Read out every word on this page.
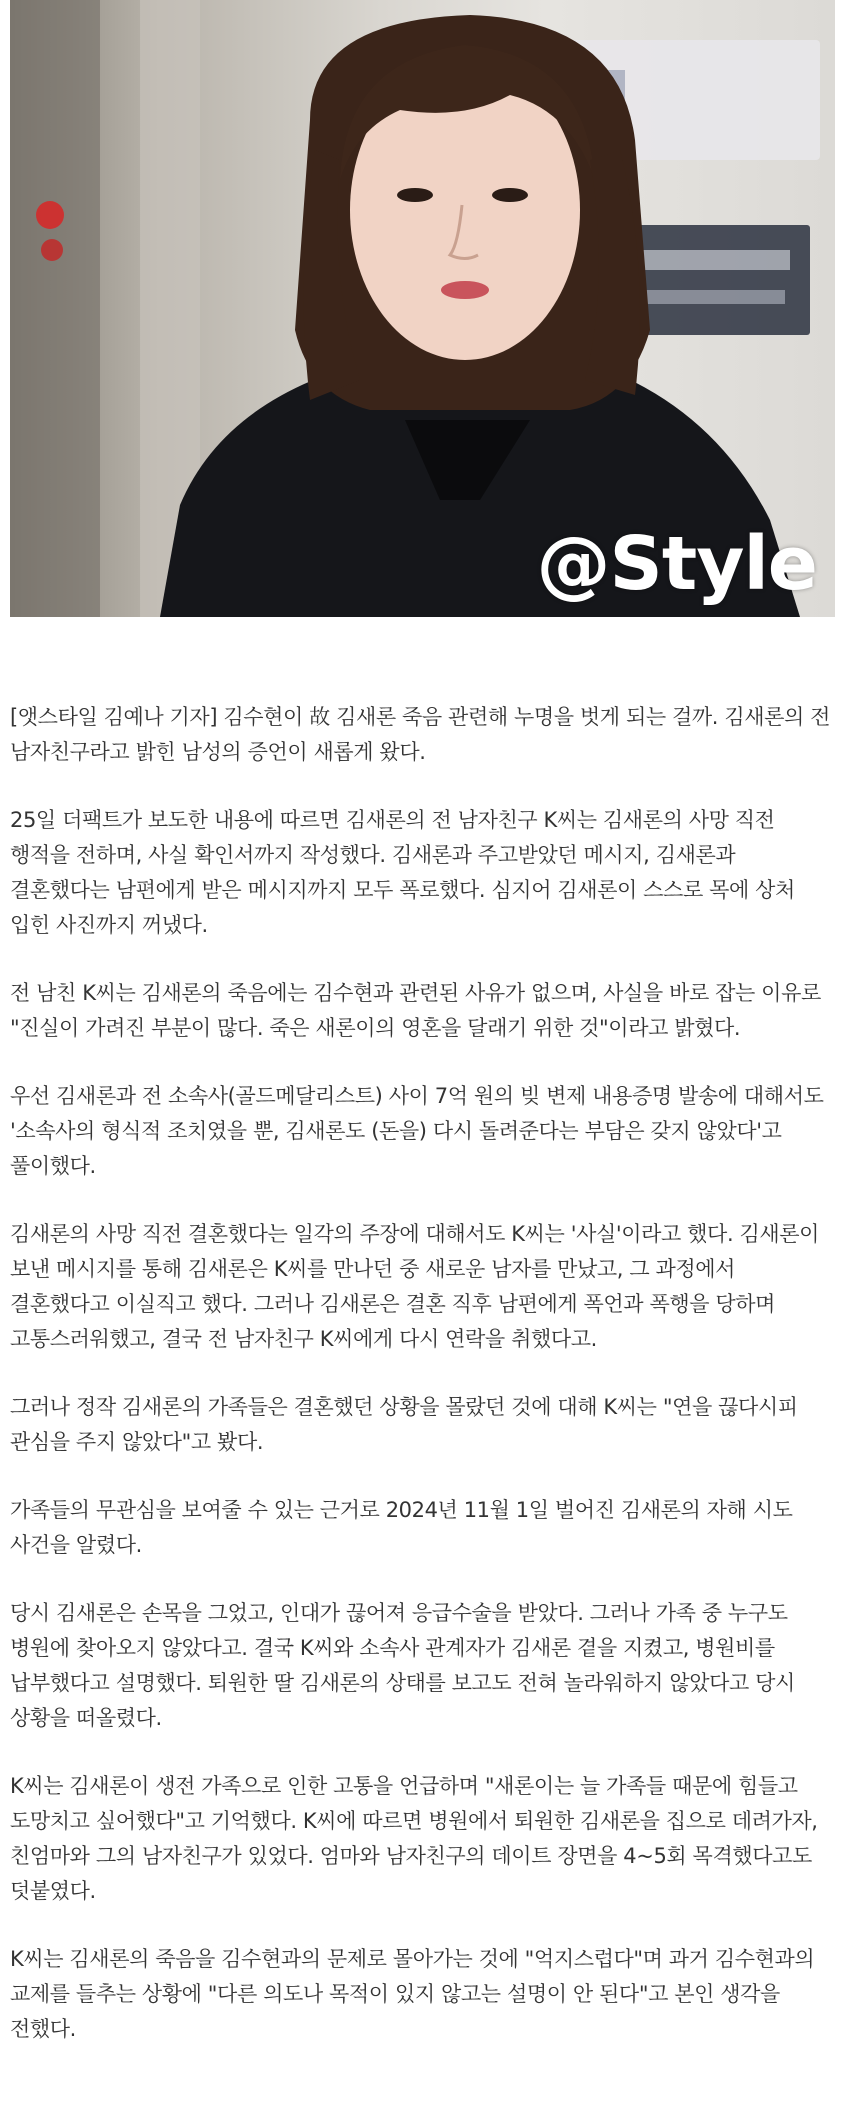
@Style

[앳스타일 김예나 기자] 김수현이 故 김새론 죽음 관련해 누명을 벗게 되는 걸까. 김새론의 전 남자친구라고 밝힌 남성의 증언이 새롭게 왔다.

25일 더팩트가 보도한 내용에 따르면 김새론의 전 남자친구 K씨는 김새론의 사망 직전 행적을 전하며, 사실 확인서까지 작성했다. 김새론과 주고받았던 메시지, 김새론과 결혼했다는 남편에게 받은 메시지까지 모두 폭로했다. 심지어 김새론이 스스로 목에 상처 입힌 사진까지 꺼냈다.

전 남친 K씨는 김새론의 죽음에는 김수현과 관련된 사유가 없으며, 사실을 바로 잡는 이유로 "진실이 가려진 부분이 많다. 죽은 새론이의 영혼을 달래기 위한 것"이라고 밝혔다.

우선 김새론과 전 소속사(골드메달리스트) 사이 7억 원의 빚 변제 내용증명 발송에 대해서도 '소속사의 형식적 조치였을 뿐, 김새론도 (돈을) 다시 돌려준다는 부담은 갖지 않았다'고 풀이했다.

김새론의 사망 직전 결혼했다는 일각의 주장에 대해서도 K씨는 '사실'이라고 했다. 김새론이 보낸 메시지를 통해 김새론은 K씨를 만나던 중 새로운 남자를 만났고, 그 과정에서 결혼했다고 이실직고 했다. 그러나 김새론은 결혼 직후 남편에게 폭언과 폭행을 당하며 고통스러워했고, 결국 전 남자친구 K씨에게 다시 연락을 취했다고.

그러나 정작 김새론의 가족들은 결혼했던 상황을 몰랐던 것에 대해 K씨는 "연을 끊다시피 관심을 주지 않았다"고 봤다.

가족들의 무관심을 보여줄 수 있는 근거로 2024년 11월 1일 벌어진 김새론의 자해 시도 사건을 알렸다.

당시 김새론은 손목을 그었고, 인대가 끊어져 응급수술을 받았다. 그러나 가족 중 누구도 병원에 찾아오지 않았다고. 결국 K씨와 소속사 관계자가 김새론 곁을 지켰고, 병원비를 납부했다고 설명했다. 퇴원한 딸 김새론의 상태를 보고도 전혀 놀라워하지 않았다고 당시 상황을 떠올렸다.

K씨는 김새론이 생전 가족으로 인한 고통을 언급하며 "새론이는 늘 가족들 때문에 힘들고 도망치고 싶어했다"고 기억했다. K씨에 따르면 병원에서 퇴원한 김새론을 집으로 데려가자, 친엄마와 그의 남자친구가 있었다. 엄마와 남자친구의 데이트 장면을 4~5회 목격했다고도 덧붙였다.

K씨는 김새론의 죽음을 김수현과의 문제로 몰아가는 것에 "억지스럽다"며 과거 김수현과의 교제를 들추는 상황에 "다른 의도나 목적이 있지 않고는 설명이 안 된다"고 본인 생각을 전했다.
